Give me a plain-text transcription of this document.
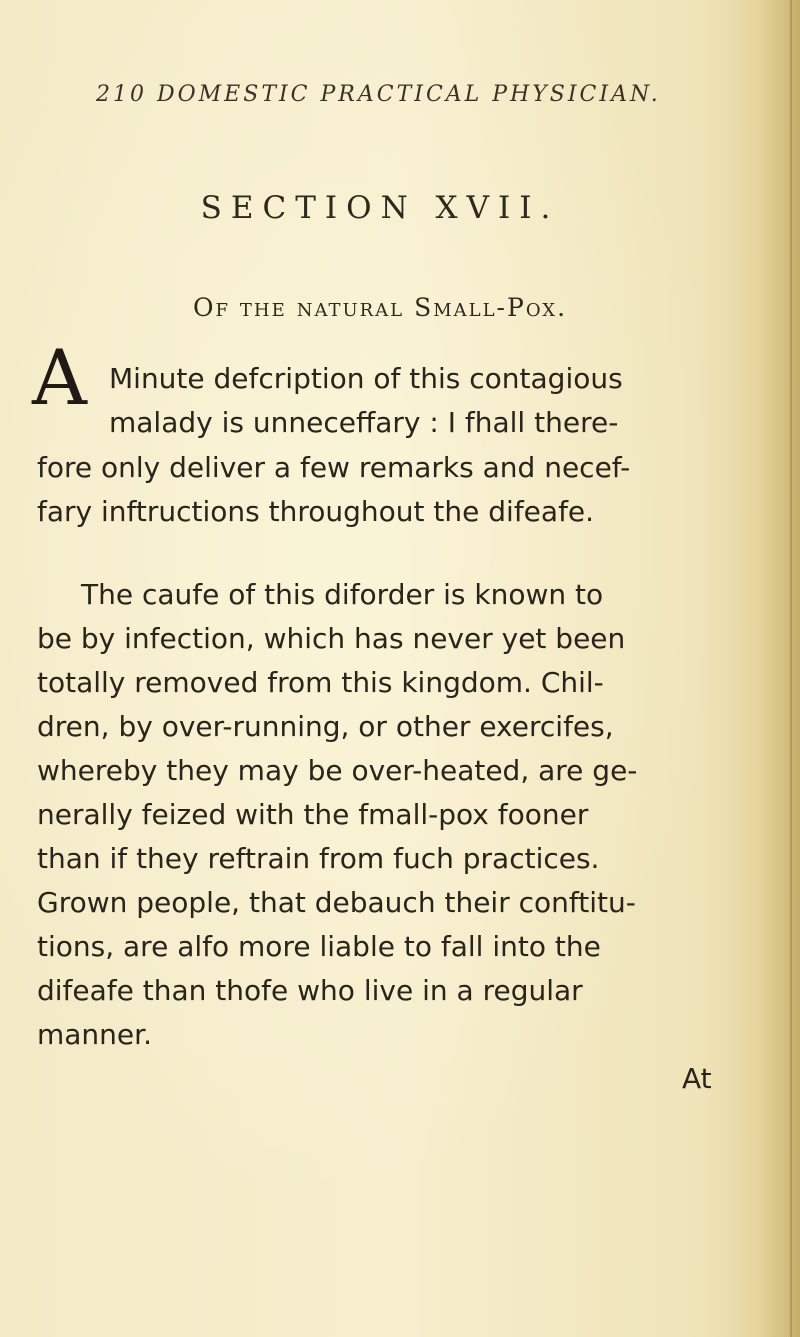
210 DOMESTIC PRACTICAL PHYSICIAN.
SECTION XVII.
Of the natural Small-Pox.
A Minute defcription of this contagious
malady is unneceffary : I fhall there-
fore only deliver a few remarks and necef-
fary inftructions throughout the difeafe.
The caufe of this diforder is known to
be by infection, which has never yet been
totally removed from this kingdom. Chil-
dren, by over-running, or other exercifes,
whereby they may be over-heated, are ge-
nerally feized with the fmall-pox fooner
than if they reftrain from fuch practices.
Grown people, that debauch their conftitu-
tions, are alfo more liable to fall into the
difeafe than thofe who live in a regular
manner.
At
